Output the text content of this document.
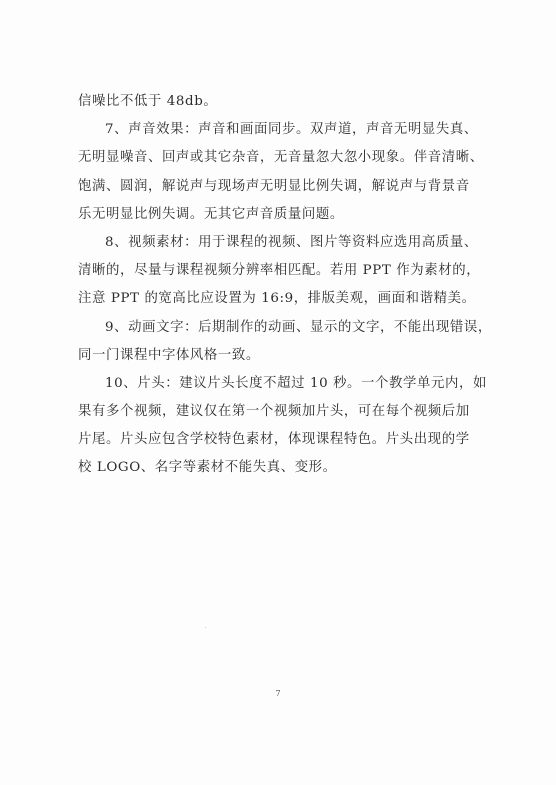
信噪比不低于 48db。
7、声音效果：声音和画面同步。双声道，声音无明显失真、
无明显噪音、回声或其它杂音，无音量忽大忽小现象。伴音清晰、
饱满、圆润，解说声与现场声无明显比例失调，解说声与背景音
乐无明显比例失调。无其它声音质量问题。
8、视频素材：用于课程的视频、图片等资料应选用高质量、
清晰的，尽量与课程视频分辨率相匹配。若用 PPT 作为素材的，
注意 PPT 的宽高比应设置为 16:9，排版美观，画面和谐精美。
9、动画文字：后期制作的动画、显示的文字，不能出现错误，
同一门课程中字体风格一致。
10、片头：建议片头长度不超过 10 秒。一个教学单元内，如
果有多个视频，建议仅在第一个视频加片头，可在每个视频后加
片尾。片头应包含学校特色素材，体现课程特色。片头出现的学
校 LOGO、名字等素材不能失真、变形。
7
